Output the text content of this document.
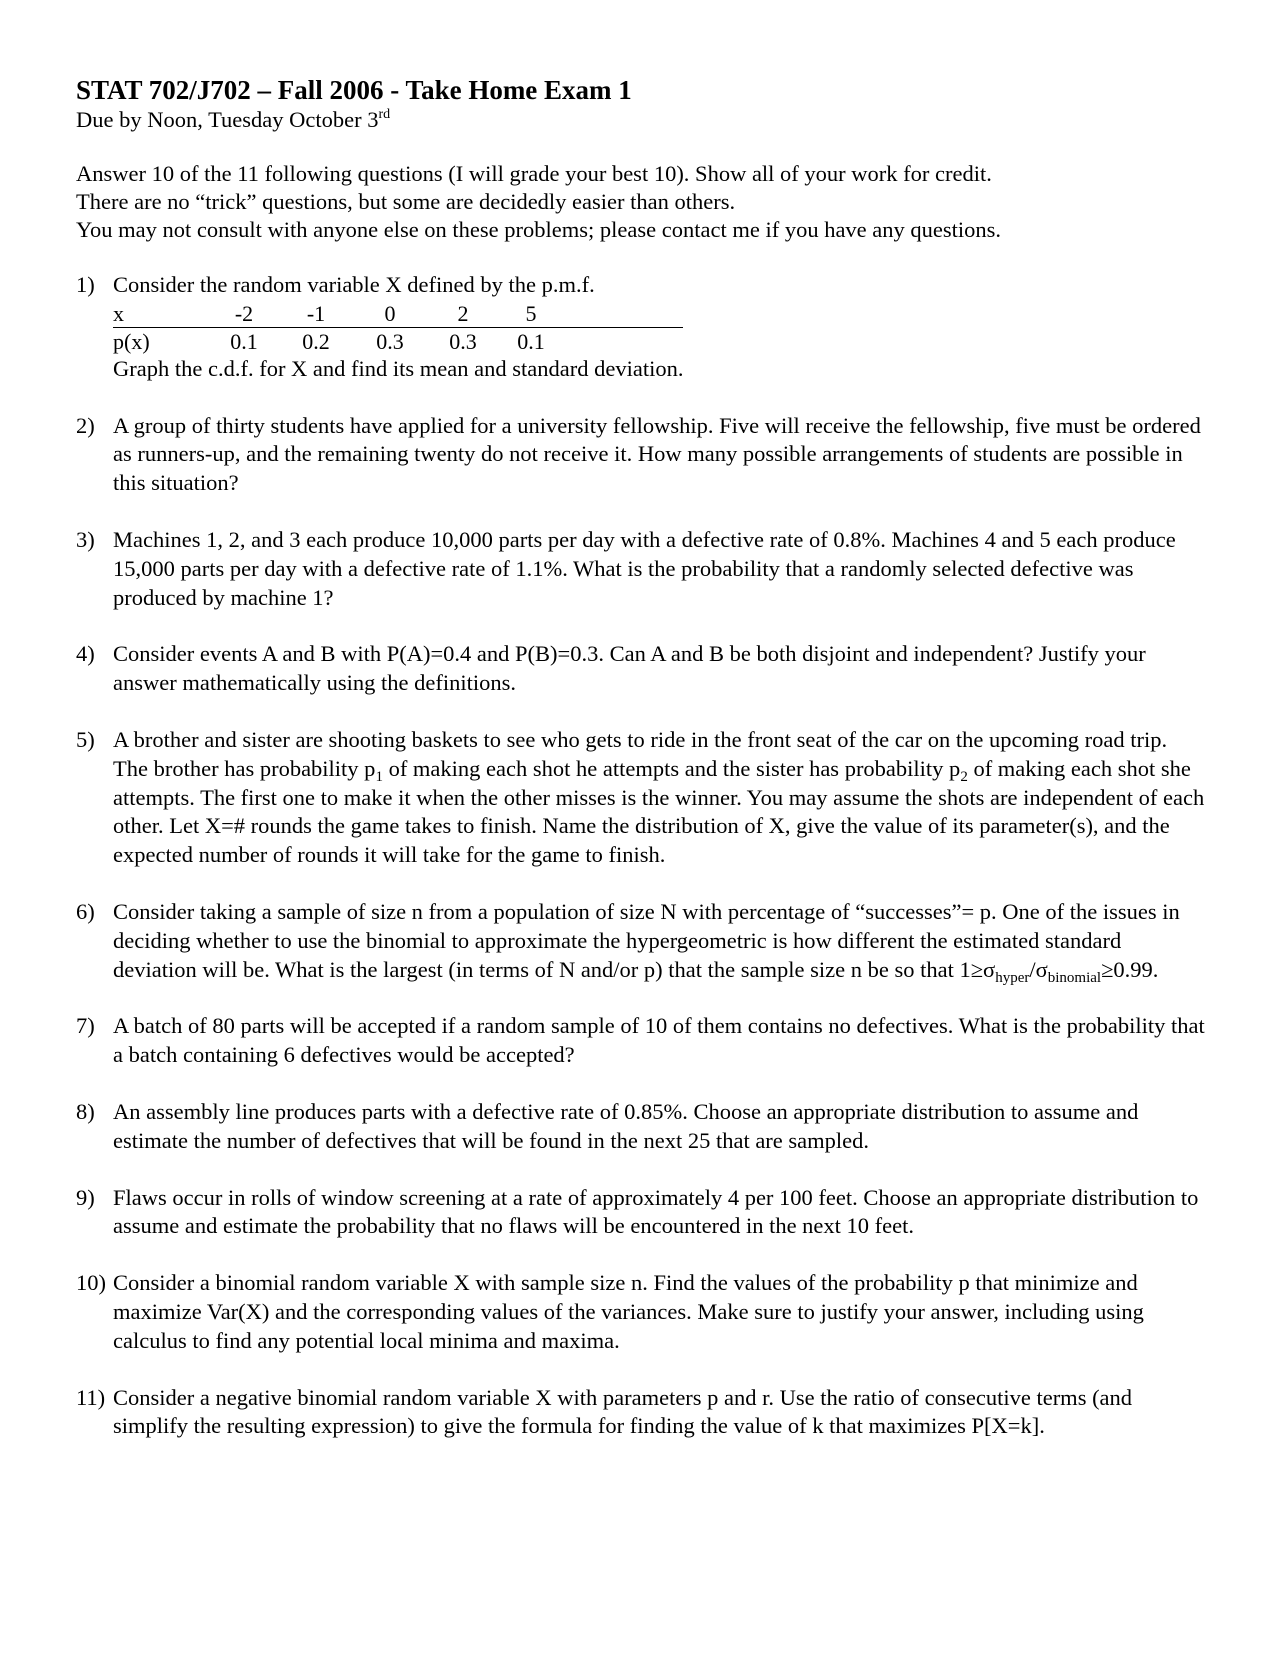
STAT 702/J702 – Fall 2006 - Take Home Exam 1

Due by Noon, Tuesday October 3rd

Answer 10 of the 11 following questions (I will grade your best 10). Show all of your work for credit.

There are no “trick” questions, but some are decidedly easier than others.

You may not consult with anyone else on these problems; please contact me if you have any questions.

1) Consider the random variable X defined by the p.m.f.
x	-2	-1	0	2	5	
p(x)	0.1	0.2	0.3	0.3	0.1	
Graph the c.d.f. for X and find its mean and standard deviation.
2) A group of thirty students have applied for a university fellowship. Five will receive the fellowship, five must be ordered as runners-up, and the remaining twenty do not receive it. How many possible arrangements of students are possible in this situation?
3) Machines 1, 2, and 3 each produce 10,000 parts per day with a defective rate of 0.8%. Machines 4 and 5 each produce 15,000 parts per day with a defective rate of 1.1%. What is the probability that a randomly selected defective was produced by machine 1?
4) Consider events A and B with P(A)=0.4 and P(B)=0.3. Can A and B be both disjoint and independent? Justify your answer mathematically using the definitions.
5) A brother and sister are shooting baskets to see who gets to ride in the front seat of the car on the upcoming road trip. The brother has probability $p_1$ of making each shot he attempts and the sister has probability $p_2$ of making each shot she attempts. The first one to make it when the other misses is the winner. You may assume the shots are independent of each other. Let X=# rounds the game takes to finish. Name the distribution of X, give the value of its parameter(s), and the expected number of rounds it will take for the game to finish.
6) Consider taking a sample of size n from a population of size N with percentage of “successes”= p. One of the issues in deciding whether to use the binomial to approximate the hypergeometric is how different the estimated standard deviation will be. What is the largest (in terms of N and/or p) that the sample size n be so that $1\ge\sigma_{hyper}/\sigma_{binomial}\ge 0.99$.
7) A batch of 80 parts will be accepted if a random sample of 10 of them contains no defectives. What is the probability that a batch containing 6 defectives would be accepted?
8) An assembly line produces parts with a defective rate of 0.85%. Choose an appropriate distribution to assume and estimate the number of defectives that will be found in the next 25 that are sampled.
9) Flaws occur in rolls of window screening at a rate of approximately 4 per 100 feet. Choose an appropriate distribution to assume and estimate the probability that no flaws will be encountered in the next 10 feet.
10) Consider a binomial random variable X with sample size n. Find the values of the probability p that minimize and maximize Var(X) and the corresponding values of the variances. Make sure to justify your answer, including using calculus to find any potential local minima and maxima.
11) Consider a negative binomial random variable X with parameters p and r. Use the ratio of consecutive terms (and simplify the resulting expression) to give the formula for finding the value of k that maximizes P[X=k].
